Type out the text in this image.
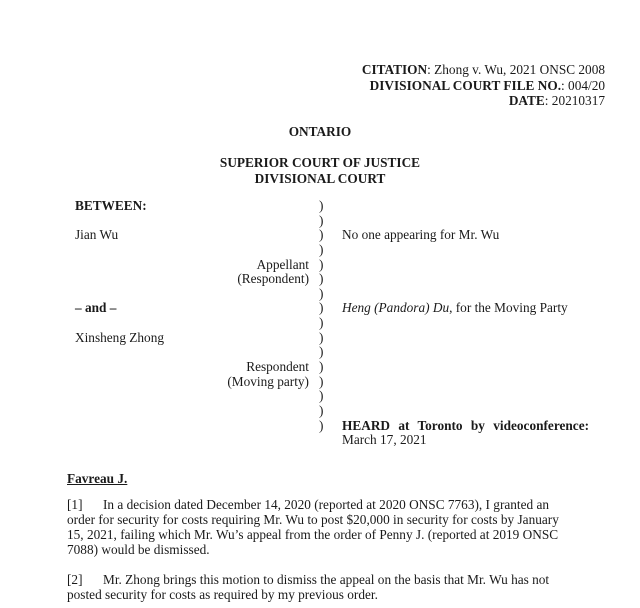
CITATION: Zhong v. Wu, 2021 ONSC 2008
DIVISIONAL COURT FILE NO.: 004/20
DATE: 20210317
ONTARIO
SUPERIOR COURT OF JUSTICE
DIVISIONAL COURT
BETWEEN:	)
)
Jian Wu	) No one appearing for Mr. Wu
)
Appellant )
(Respondent) )
)
– and –	) Heng (Pandora) Du, for the Moving Party
)
Xinsheng Zhong	)
)
Respondent )
(Moving party) )
)
)
) HEARD at Toronto by videoconference:
March 17, 2021
Favreau J.
[1] In a decision dated December 14, 2020 (reported at 2020 ONSC 7763), I granted an order for security for costs requiring Mr. Wu to post $20,000 in security for costs by January 15, 2021, failing which Mr. Wu’s appeal from the order of Penny J. (reported at 2019 ONSC 7088) would be dismissed.
[2] Mr. Zhong brings this motion to dismiss the appeal on the basis that Mr. Wu has not posted security for costs as required by my previous order.
